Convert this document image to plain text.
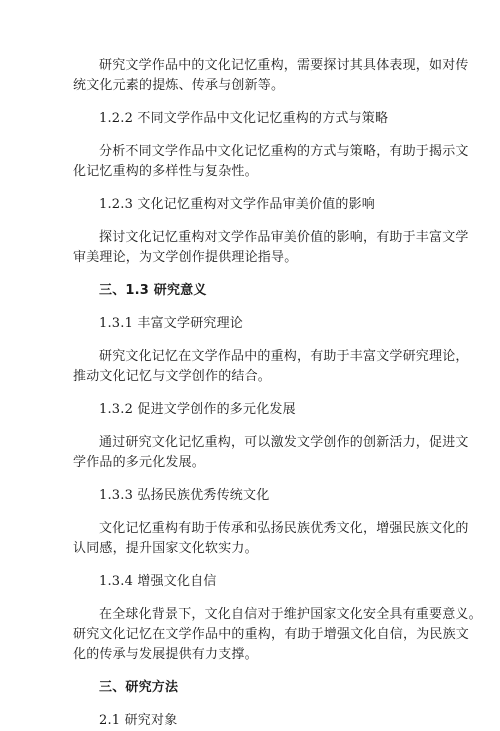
研究文学作品中的文化记忆重构，需要探讨其具体表现，如对传
统文化元素的提炼、传承与创新等。
1.2.2 不同文学作品中文化记忆重构的方式与策略
分析不同文学作品中文化记忆重构的方式与策略，有助于揭示文
化记忆重构的多样性与复杂性。
1.2.3 文化记忆重构对文学作品审美价值的影响
探讨文化记忆重构对文学作品审美价值的影响，有助于丰富文学
审美理论，为文学创作提供理论指导。
三、1.3 研究意义
1.3.1 丰富文学研究理论
研究文化记忆在文学作品中的重构，有助于丰富文学研究理论，
推动文化记忆与文学创作的结合。
1.3.2 促进文学创作的多元化发展
通过研究文化记忆重构，可以激发文学创作的创新活力，促进文
学作品的多元化发展。
1.3.3 弘扬民族优秀传统文化
文化记忆重构有助于传承和弘扬民族优秀文化，增强民族文化的
认同感，提升国家文化软实力。
1.3.4 增强文化自信
在全球化背景下，文化自信对于维护国家文化安全具有重要意义。
研究文化记忆在文学作品中的重构，有助于增强文化自信，为民族文
化的传承与发展提供有力支撑。
三、研究方法
2.1 研究对象
